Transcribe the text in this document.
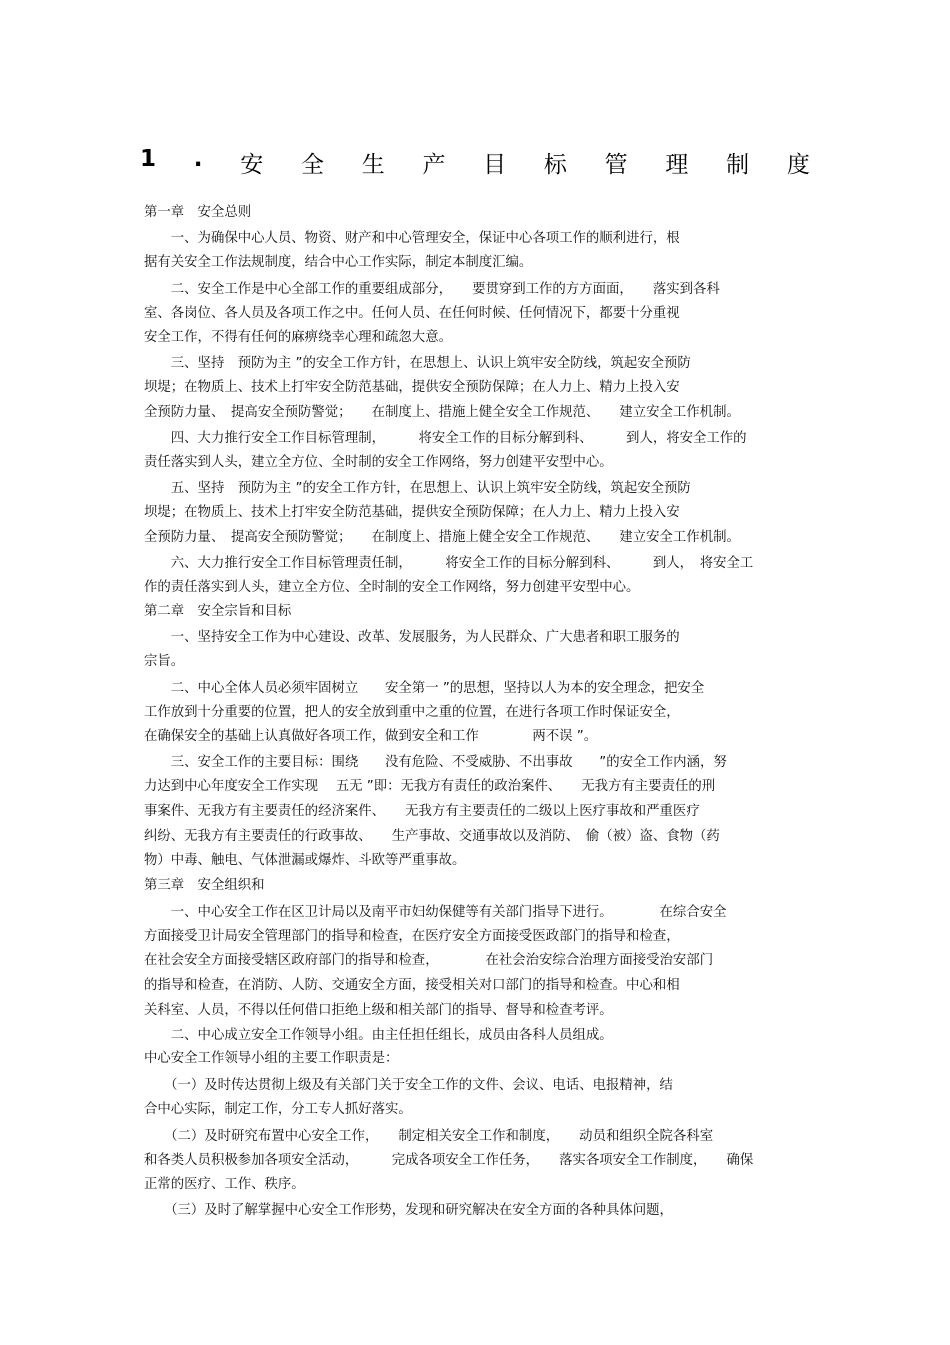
1 . 安 全 生 产 目 标 管 理 制 度

第一章　安全总则

　　一、为确保中心人员、物资、财产和中心管理安全，保证中心各项工作的顺利进行，根

据有关安全工作法规制度，结合中心工作实际，制定本制度汇编。

　　二、安全工作是中心全部工作的重要组成部分，　　要贯穿到工作的方方面面，　　落实到各科

室、各岗位、各人员及各项工作之中。任何人员、在任何时候、任何情况下，都要十分重视

安全工作，不得有任何的麻痹绕幸心理和疏忽大意。

　　三、坚持　预防为主 ”的安全工作方针，在思想上、认识上筑牢安全防线，筑起安全预防

坝堤；在物质上、技术上打牢安全防范基础，提供安全预防保障；在人力上、精力上投入安

全预防力量、　提高安全预防警觉；　　在制度上、措施上健全安全工作规范、　　建立安全工作机制。

　　四、大力推行安全工作目标管理制，　　　将安全工作的目标分解到科、　　　到人，将安全工作的

责任落实到人头，建立全方位、全时制的安全工作网络，努力创建平安型中心。

　　五、坚持　预防为主 ”的安全工作方针，在思想上、认识上筑牢安全防线，筑起安全预防

坝堤；在物质上、技术上打牢安全防范基础，提供安全预防保障；在人力上、精力上投入安

全预防力量、　提高安全预防警觉；　　在制度上、措施上健全安全工作规范、　　建立安全工作机制。

　　六、大力推行安全工作目标管理责任制，　　　将安全工作的目标分解到科、　　　到人，　将安全工

作的责任落实到人头，建立全方位、全时制的安全工作网络，努力创建平安型中心。

第二章　安全宗旨和目标

　　一、坚持安全工作为中心建设、改革、发展服务，为人民群众、广大患者和职工服务的

宗旨。

　　二、中心全体人员必须牢固树立　　安全第一 ”的思想，坚持以人为本的安全理念，把安全

工作放到十分重要的位置，把人的安全放到重中之重的位置，在进行各项工作时保证安全，

在确保安全的基础上认真做好各项工作，做到安全和工作　　　　两不误 ”。

　　三、安全工作的主要目标：围绕　　没有危险、不受威胁、不出事故　　”的安全工作内涵，努

力达到中心年度安全工作实现　 五无 ”即：无我方有责任的政治案件、　　无我方有主要责任的刑

事案件、无我方有主要责任的经济案件、　　无我方有主要责任的二级以上医疗事故和严重医疗

纠纷、无我方有主要责任的行政事故、　　生产事故、交通事故以及消防、　偷（被）盗、食物（药

物）中毒、触电、气体泄漏或爆炸、斗欧等严重事故。

第三章　安全组织和

　　一、中心安全工作在区卫计局以及南平市妇幼保健等有关部门指导下进行。　　　　在综合安全

方面接受卫计局安全管理部门的指导和检查，在医疗安全方面接受医政部门的指导和检查，

在社会安全方面接受辖区政府部门的指导和检查，　　　　在社会治安综合治理方面接受治安部门

的指导和检查，在消防、人防、交通安全方面，接受相关对口部门的指导和检查。中心和相

关科室、人员，不得以任何借口拒绝上级和相关部门的指导、督导和检查考评。

　　二、中心成立安全工作领导小组。由主任担任组长，成员由各科人员组成。

中心安全工作领导小组的主要工作职责是：

　　（一）及时传达贯彻上级及有关部门关于安全工作的文件、会议、电话、电报精神，结

合中心实际，制定工作，分工专人抓好落实。

　　（二）及时研究布置中心安全工作，　　制定相关安全工作和制度，　　动员和组织全院各科室

和各类人员积极参加各项安全活动，　　　完成各项安全工作任务，　　落实各项安全工作制度，　　确保

正常的医疗、工作、秩序。

　　（三）及时了解掌握中心安全工作形势，发现和研究解决在安全方面的各种具体问题，
